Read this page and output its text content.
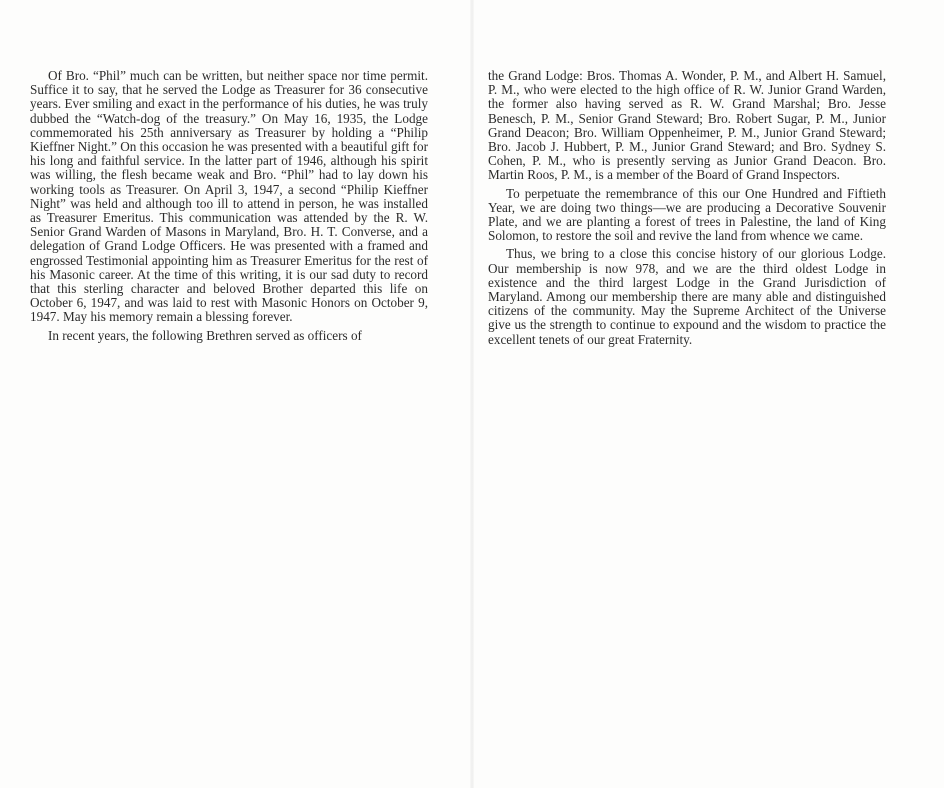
Of Bro. “Phil” much can be written, but neither space nor time permit. Suffice it to say, that he served the Lodge as Treasurer for 36 consecutive years. Ever smiling and exact in the performance of his duties, he was truly dubbed the “Watch-dog of the treasury.” On May 16, 1935, the Lodge commemorated his 25th anniversary as Treasurer by holding a “Philip Kieffner Night.” On this occasion he was presented with a beautiful gift for his long and faithful service. In the latter part of 1946, although his spirit was willing, the flesh became weak and Bro. “Phil” had to lay down his working tools as Treasurer. On April 3, 1947, a second “Philip Kieffner Night” was held and although too ill to attend in person, he was installed as Treasurer Emeritus. This communication was attended by the R. W. Senior Grand Warden of Masons in Maryland, Bro. H. T. Converse, and a delegation of Grand Lodge Officers. He was presented with a framed and engrossed Testimonial appointing him as Treasurer Emeritus for the rest of his Masonic career. At the time of this writing, it is our sad duty to record that this sterling character and beloved Brother departed this life on October 6, 1947, and was laid to rest with Masonic Honors on October 9, 1947. May his memory remain a blessing forever.

In recent years, the following Brethren served as officers of

the Grand Lodge: Bros. Thomas A. Wonder, P. M., and Albert H. Samuel, P. M., who were elected to the high office of R. W. Junior Grand Warden, the former also having served as R. W. Grand Marshal; Bro. Jesse Benesch, P. M., Senior Grand Steward; Bro. Robert Sugar, P. M., Junior Grand Deacon; Bro. William Oppenheimer, P. M., Junior Grand Steward; Bro. Jacob J. Hubbert, P. M., Junior Grand Steward; and Bro. Sydney S. Cohen, P. M., who is presently serving as Junior Grand Deacon. Bro. Martin Roos, P. M., is a member of the Board of Grand Inspectors.

To perpetuate the remembrance of this our One Hundred and Fiftieth Year, we are doing two things—we are producing a Decorative Souvenir Plate, and we are planting a forest of trees in Palestine, the land of King Solomon, to restore the soil and revive the land from whence we came.

Thus, we bring to a close this concise history of our glorious Lodge. Our membership is now 978, and we are the third oldest Lodge in existence and the third largest Lodge in the Grand Jurisdiction of Maryland. Among our membership there are many able and distinguished citizens of the community. May the Supreme Architect of the Universe give us the strength to continue to expound and the wisdom to practice the excellent tenets of our great Fraternity.
